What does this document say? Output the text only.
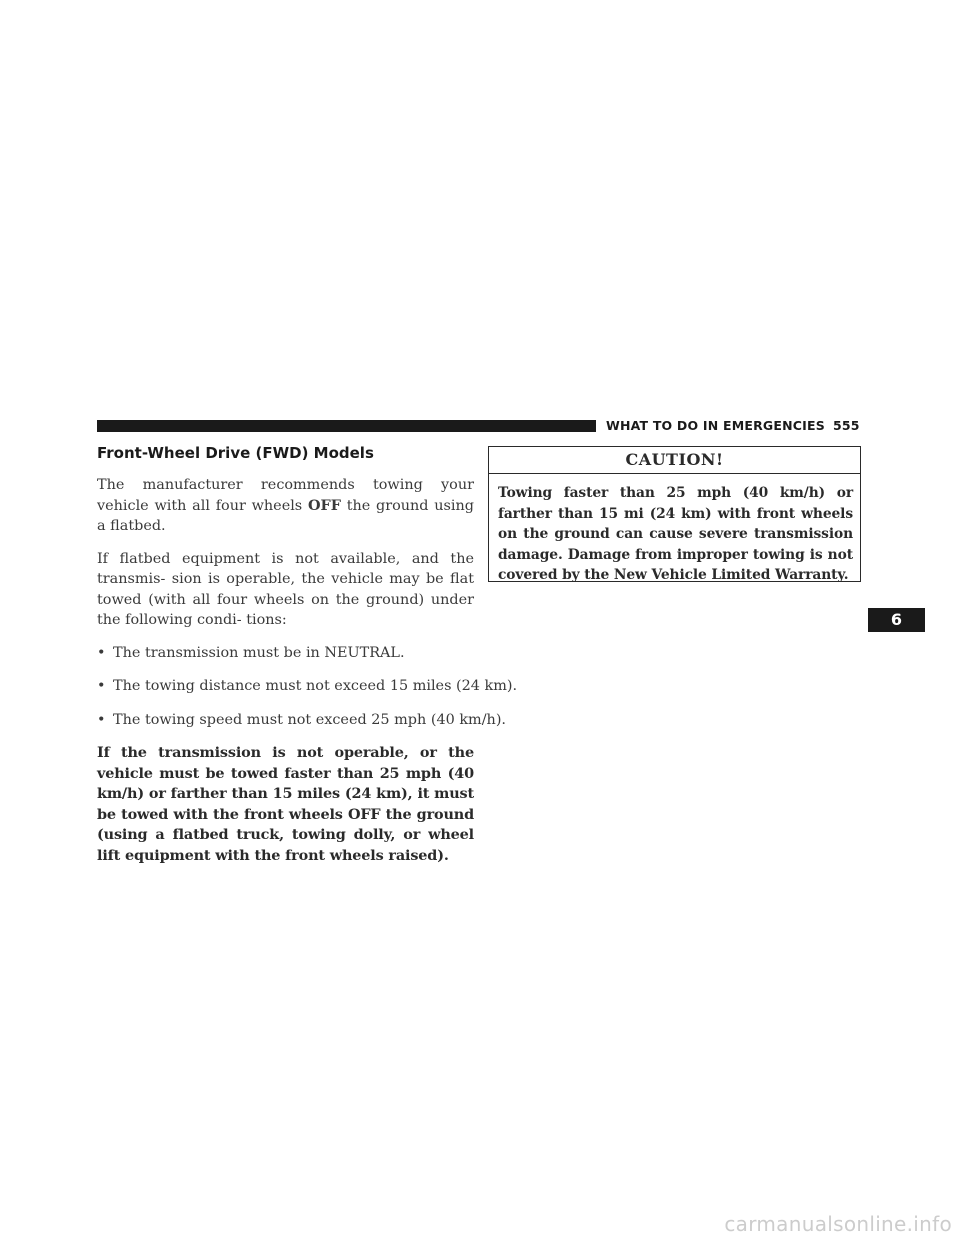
WHAT TO DO IN EMERGENCIES 555
Front-Wheel Drive (FWD) Models

The manufacturer recommends towing your vehicle with all four wheels OFF the ground using a flatbed.

If flatbed equipment is not available, and the transmis- sion is operable, the vehicle may be flat towed (with all four wheels on the ground) under the following condi- tions:

• The transmission must be in NEUTRAL.
• The towing distance must not exceed 15 miles (24 km).
• The towing speed must not exceed 25 mph (40 km/h).

If the transmission is not operable, or the vehicle must be towed faster than 25 mph (40 km/h) or farther than 15 miles (24 km), it must be towed with the front wheels OFF the ground (using a flatbed truck, towing dolly, or wheel lift equipment with the front wheels raised).

CAUTION!
Towing faster than 25 mph (40 km/h) or farther than 15 mi (24 km) with front wheels on the ground can cause severe transmission damage. Damage from improper towing is not covered by the New Vehicle Limited Warranty.
6
carmanualsonline.info
